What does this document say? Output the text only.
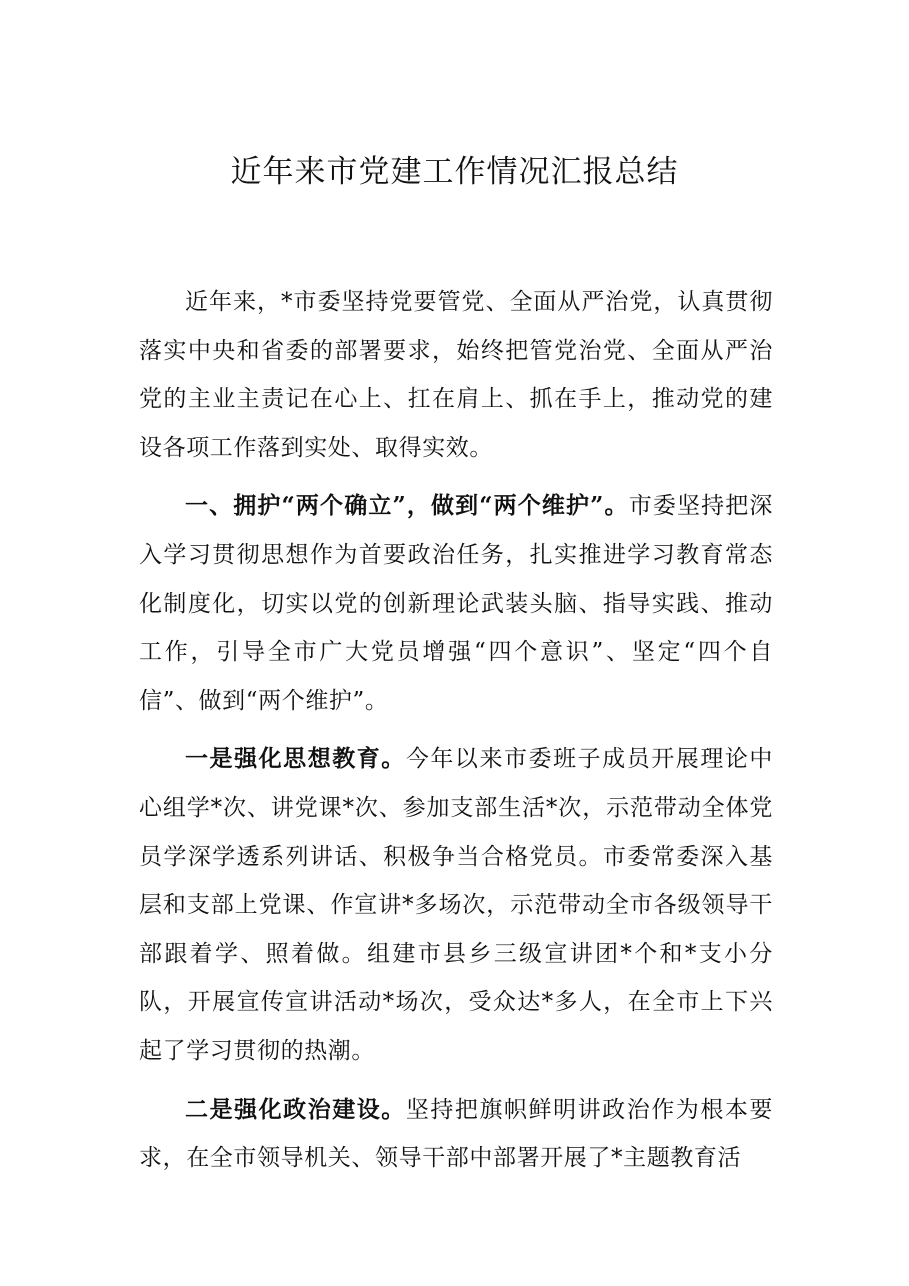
近年来市党建工作情况汇报总结

近年来，*市委坚持党要管党、全面从严治党，认真贯彻落实中央和省委的部署要求，始终把管党治党、全面从严治党的主业主责记在心上、扛在肩上、抓在手上，推动党的建设各项工作落到实处、取得实效。

一、拥护“两个确立”，做到“两个维护”。市委坚持把深入学习贯彻思想作为首要政治任务，扎实推进学习教育常态化制度化，切实以党的创新理论武装头脑、指导实践、推动工作，引导全市广大党员增强“四个意识”、坚定“四个自信”、做到“两个维护”。

一是强化思想教育。今年以来市委班子成员开展理论中心组学*次、讲党课*次、参加支部生活*次，示范带动全体党员学深学透系列讲话、积极争当合格党员。市委常委深入基层和支部上党课、作宣讲*多场次，示范带动全市各级领导干部跟着学、照着做。组建市县乡三级宣讲团*个和*支小分队，开展宣传宣讲活动*场次，受众达*多人，在全市上下兴起了学习贯彻的热潮。

二是强化政治建设。坚持把旗帜鲜明讲政治作为根本要求，在全市领导机关、领导干部中部署开展了*主题教育活
